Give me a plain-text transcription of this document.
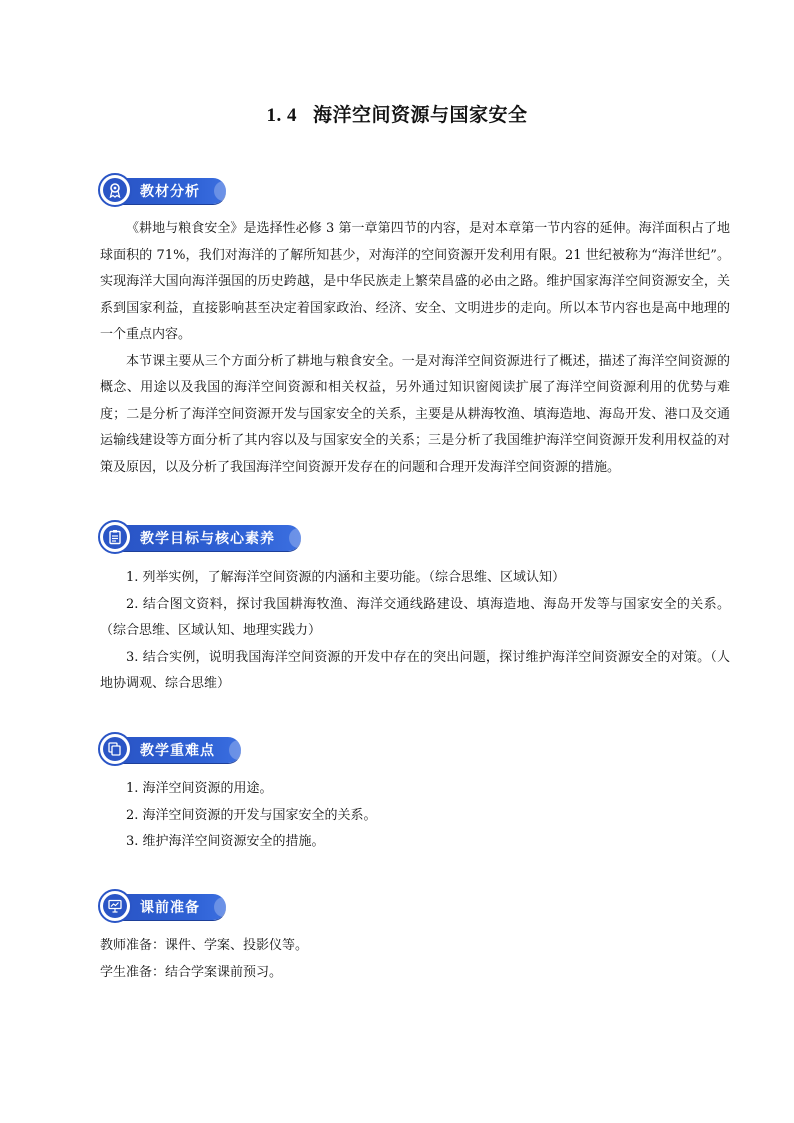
1. 4 海洋空间资源与国家安全
教材分析

《耕地与粮食安全》是选择性必修 3 第一章第四节的内容，是对本章第一节内容的延伸。海洋面积占了地球面积的 71%，我们对海洋的了解所知甚少，对海洋的空间资源开发利用有限。21 世纪被称为“海洋世纪”。实现海洋大国向海洋强国的历史跨越，是中华民族走上繁荣昌盛的必由之路。维护国家海洋空间资源安全，关系到国家利益，直接影响甚至决定着国家政治、经济、安全、文明进步的走向。所以本节内容也是高中地理的一个重点内容。

本节课主要从三个方面分析了耕地与粮食安全。一是对海洋空间资源进行了概述，描述了海洋空间资源的概念、用途以及我国的海洋空间资源和相关权益，另外通过知识窗阅读扩展了海洋空间资源利用的优势与难度；二是分析了海洋空间资源开发与国家安全的关系，主要是从耕海牧渔、填海造地、海岛开发、港口及交通运输线建设等方面分析了其内容以及与国家安全的关系；三是分析了我国维护海洋空间资源开发利用权益的对策及原因，以及分析了我国海洋空间资源开发存在的问题和合理开发海洋空间资源的措施。

教学目标与核心素养

1. 列举实例，了解海洋空间资源的内涵和主要功能。（综合思维、区域认知）

2. 结合图文资料，探讨我国耕海牧渔、海洋交通线路建设、填海造地、海岛开发等与国家安全的关系。（综合思维、区域认知、地理实践力）

3. 结合实例，说明我国海洋空间资源的开发中存在的突出问题，探讨维护海洋空间资源安全的对策。（人地协调观、综合思维）

教学重难点

1. 海洋空间资源的用途。

2. 海洋空间资源的开发与国家安全的关系。

3. 维护海洋空间资源安全的措施。

课前准备

教师准备：课件、学案、投影仪等。

学生准备：结合学案课前预习。
